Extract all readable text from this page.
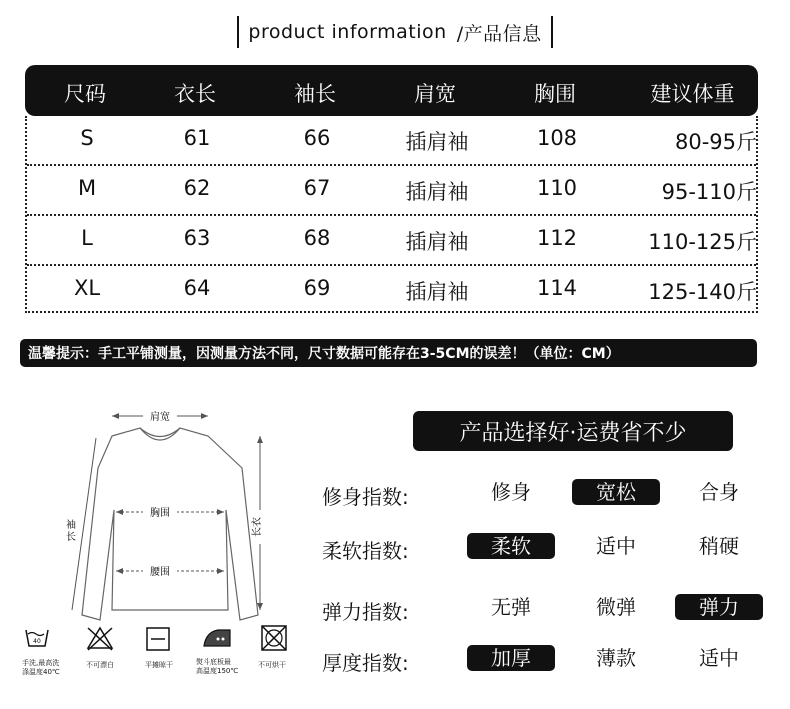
product information /产品信息
尺码	衣长	袖长	肩宽	胸围	建议体重
S	61	66	插肩袖	108	80-95斤
M	62	67	插肩袖	110	95-110斤
L	63	68	插肩袖	112	110-125斤
XL	64	69	插肩袖	114	125-140斤
温馨提示：手工平铺测量，因测量方法不同，尺寸数据可能存在3-5CM的误差！（单位：CM）
肩宽
胸围
腰围
袖长
长衣
40
手洗,最高洗
涤温度40℃
不可漂白	平摊晾干	熨斗底板最
高温度150℃
不可烘干
产品选择好·运费省不少
修身指数:	修身	宽松	合身
柔软指数:	柔软	适中	稍硬
弹力指数:	无弹	微弹	弹力
厚度指数:	加厚	薄款	适中
